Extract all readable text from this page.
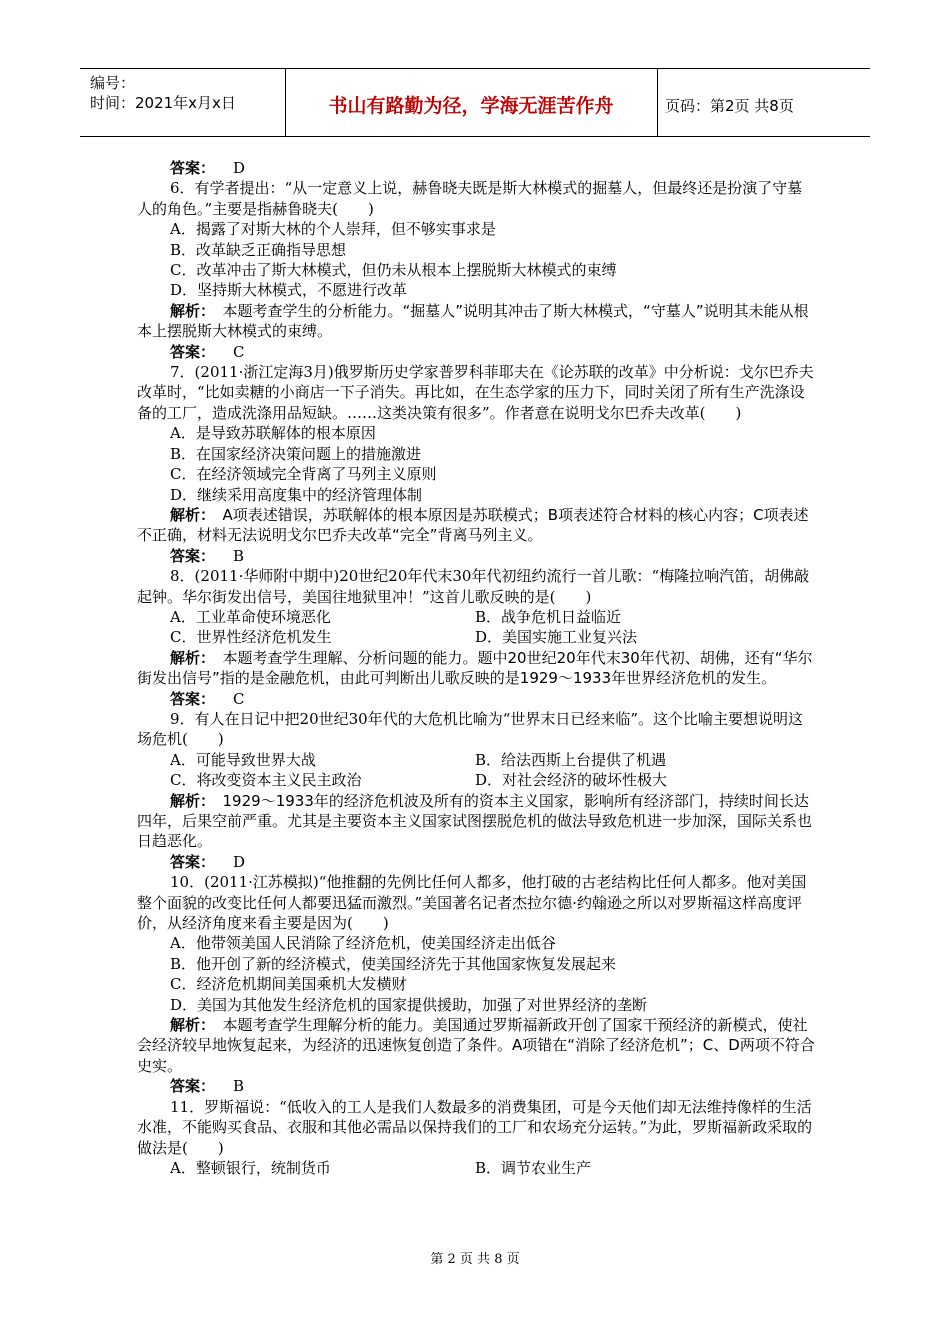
编号：
时间：2021年x月x日	书山有路勤为径，学海无涯苦作舟	页码：第2页 共8页

答案： D

6．有学者提出：“从一定意义上说，赫鲁晓夫既是斯大林模式的掘墓人，但最终还是扮演了守墓人的角色。”主要是指赫鲁晓夫(　　)

A．揭露了对斯大林的个人崇拜，但不够实事求是

B．改革缺乏正确指导思想

C．改革冲击了斯大林模式，但仍未从根本上摆脱斯大林模式的束缚

D．坚持斯大林模式，不愿进行改革

解析：　本题考查学生的分析能力。“掘墓人”说明其冲击了斯大林模式，“守墓人”说明其未能从根本上摆脱斯大林模式的束缚。

答案： C

7．(2011·浙江定海3月)俄罗斯历史学家普罗科菲耶夫在《论苏联的改革》中分析说：戈尔巴乔夫改革时，“比如卖糖的小商店一下子消失。再比如，在生态学家的压力下，同时关闭了所有生产洗涤设备的工厂，造成洗涤用品短缺。……这类决策有很多”。作者意在说明戈尔巴乔夫改革(　　)

A．是导致苏联解体的根本原因

B．在国家经济决策问题上的措施激进

C．在经济领域完全背离了马列主义原则

D．继续采用高度集中的经济管理体制

解析：　A项表述错误，苏联解体的根本原因是苏联模式；B项表述符合材料的核心内容；C项表述不正确，材料无法说明戈尔巴乔夫改革“完全”背离马列主义。

答案： B

8．(2011·华师附中期中)20世纪20年代末30年代初纽约流行一首儿歌：“梅隆拉响汽笛，胡佛敲起钟。华尔街发出信号，美国往地狱里冲！”这首儿歌反映的是(　　)

A．工业革命使环境恶化	B．战争危机日益临近
C．世界性经济危机发生	D．美国实施工业复兴法

解析：　本题考查学生理解、分析问题的能力。题中20世纪20年代末30年代初、胡佛，还有“华尔街发出信号”指的是金融危机，由此可判断出儿歌反映的是1929～1933年世界经济危机的发生。

答案： C

9．有人在日记中把20世纪30年代的大危机比喻为“世界末日已经来临”。这个比喻主要想说明这场危机(　　)

A．可能导致世界大战	B．给法西斯上台提供了机遇
C．将改变资本主义民主政治	D．对社会经济的破坏性极大

解析：　1929～1933年的经济危机波及所有的资本主义国家，影响所有经济部门，持续时间长达四年，后果空前严重。尤其是主要资本主义国家试图摆脱危机的做法导致危机进一步加深，国际关系也日趋恶化。

答案： D

10．(2011·江苏模拟)“他推翻的先例比任何人都多，他打破的古老结构比任何人都多。他对美国整个面貌的改变比任何人都要迅猛而激烈。”美国著名记者杰拉尔德·约翰逊之所以对罗斯福这样高度评价，从经济角度来看主要是因为(　　)

A．他带领美国人民消除了经济危机，使美国经济走出低谷

B．他开创了新的经济模式，使美国经济先于其他国家恢复发展起来

C．经济危机期间美国乘机大发横财

D．美国为其他发生经济危机的国家提供援助，加强了对世界经济的垄断

解析：　本题考查学生理解分析的能力。美国通过罗斯福新政开创了国家干预经济的新模式，使社会经济较早地恢复起来，为经济的迅速恢复创造了条件。A项错在“消除了经济危机”；C、D两项不符合史实。

答案： B

11．罗斯福说：“低收入的工人是我们人数最多的消费集团，可是今天他们却无法维持像样的生活水准，不能购买食品、衣服和其他必需品以保持我们的工厂和农场充分运转。”为此，罗斯福新政采取的做法是(　　)

A．整顿银行，统制货币	B．调节农业生产
第 2 页 共 8 页
